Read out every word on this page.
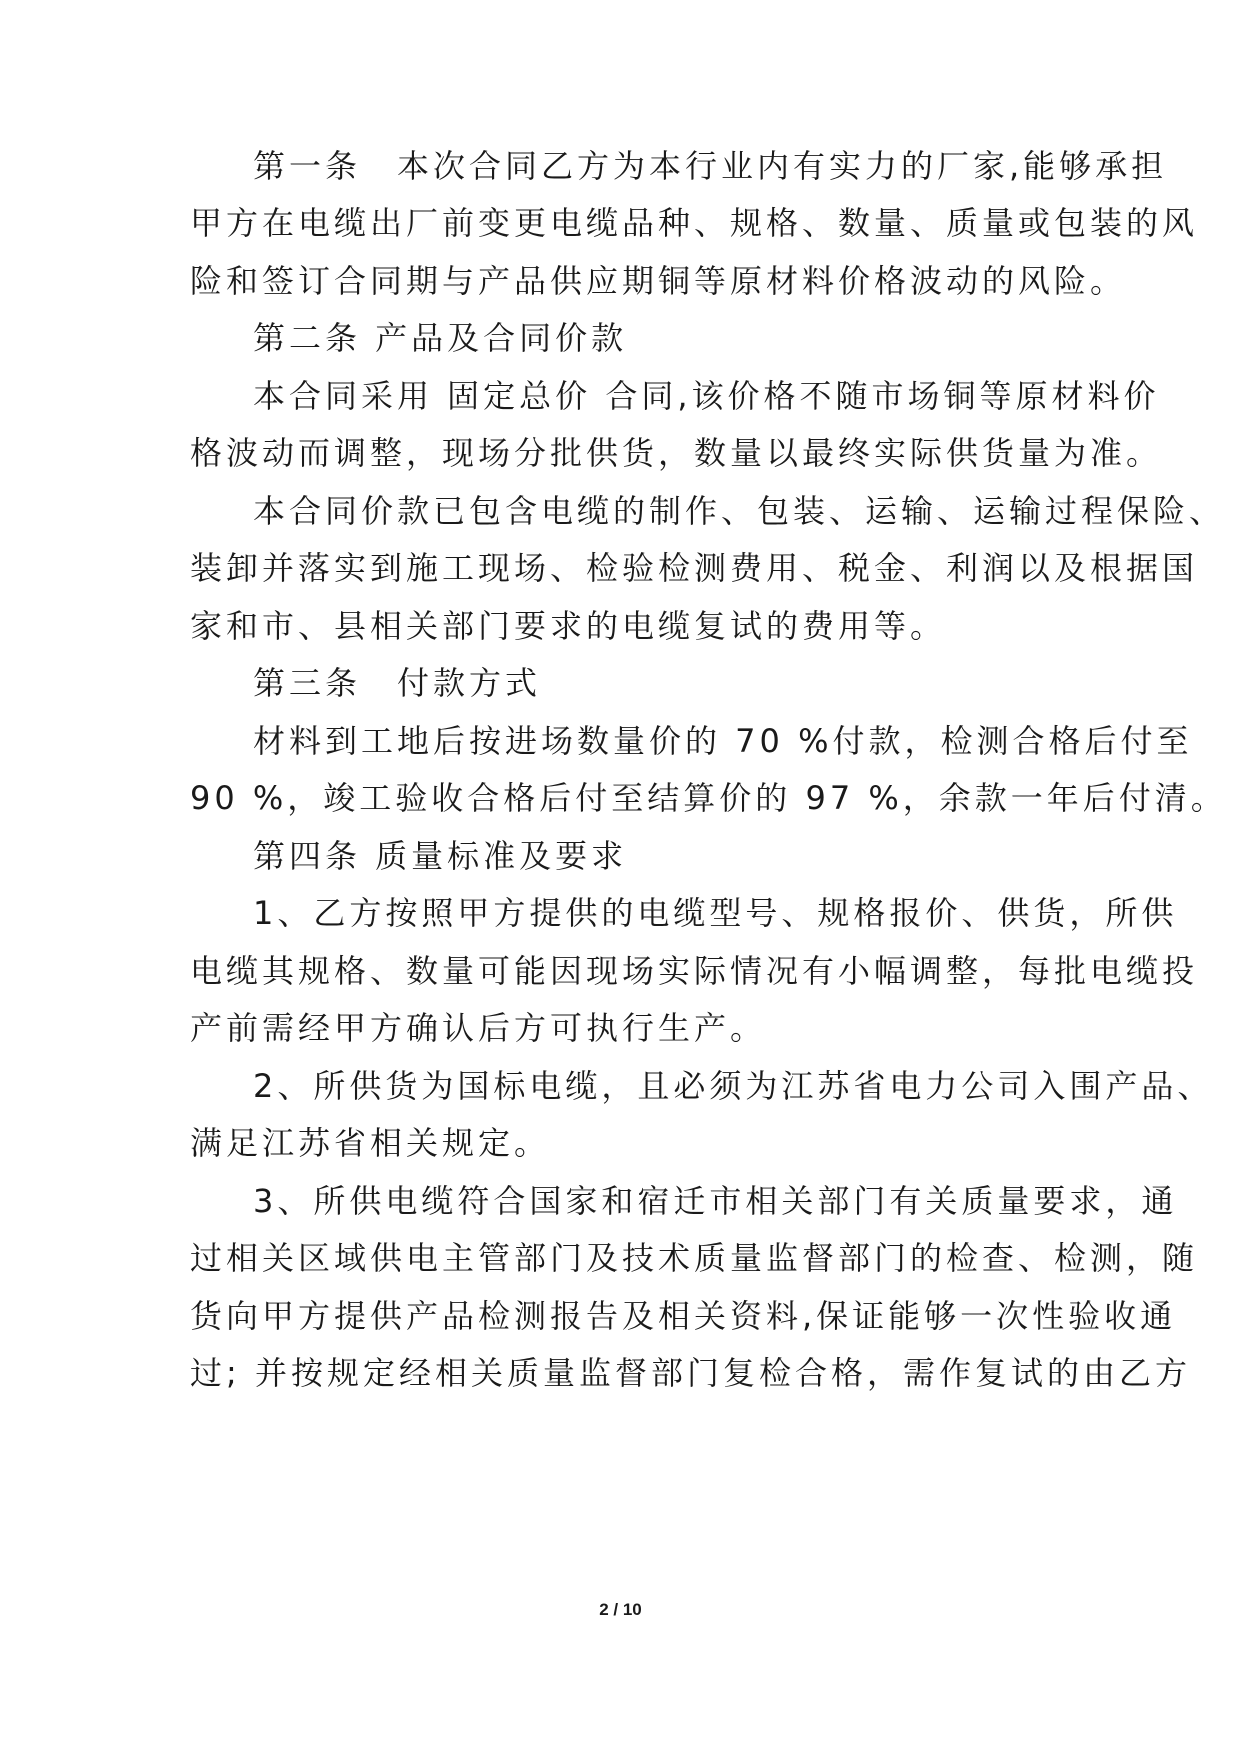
第一条　本次合同乙方为本行业内有实力的厂家,能够承担
甲方在电缆出厂前变更电缆品种、规格、数量、质量或包装的风
险和签订合同期与产品供应期铜等原材料价格波动的风险。
第二条 产品及合同价款
本合同采用 固定总价 合同,该价格不随市场铜等原材料价
格波动而调整，现场分批供货，数量以最终实际供货量为准。
本合同价款已包含电缆的制作、包装、运输、运输过程保险、
装卸并落实到施工现场、检验检测费用、税金、利润以及根据国
家和市、县相关部门要求的电缆复试的费用等。
第三条　付款方式
材料到工地后按进场数量价的 70 %付款，检测合格后付至
90 %，竣工验收合格后付至结算价的 97 %，余款一年后付清。
第四条 质量标准及要求
1、乙方按照甲方提供的电缆型号、规格报价、供货，所供
电缆其规格、数量可能因现场实际情况有小幅调整，每批电缆投
产前需经甲方确认后方可执行生产。
2、所供货为国标电缆，且必须为江苏省电力公司入围产品、
满足江苏省相关规定。
3、所供电缆符合国家和宿迁市相关部门有关质量要求，通
过相关区域供电主管部门及技术质量监督部门的检查、检测，随
货向甲方提供产品检测报告及相关资料,保证能够一次性验收通
过; 并按规定经相关质量监督部门复检合格，需作复试的由乙方
2 / 10
